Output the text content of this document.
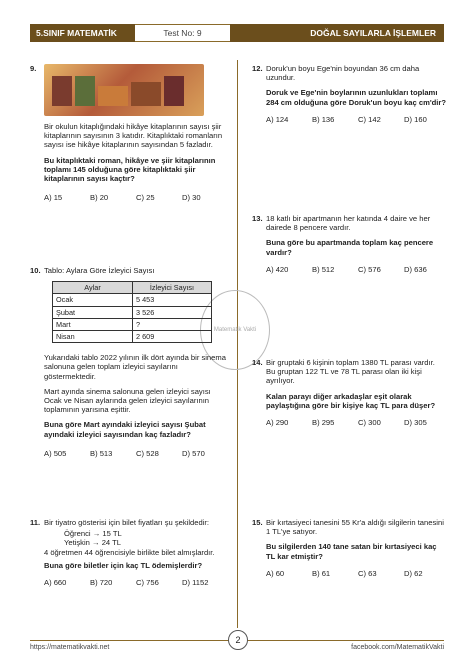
5.SINIF MATEMATİK	Test No: 9	DOĞAL SAYILARLA İŞLEMLER
Matematik Vakti
9.
Bir okulun kitaplığındaki hikâye kitaplarının sayısı şiir kitaplarının sayısının 3 katıdır. Kitaplıktaki romanların sayısı ise hikâye kitaplarının sayısından 5 fazladır.
Bu kitaplıktaki roman, hikâye ve şiir kitaplarının toplamı 145 olduğuna göre kitaplıktaki şiir kitaplarının sayısı kaçtır?
A) 15	B) 20	C) 25	D) 30
10. Tablo: Aylara Göre İzleyici Sayısı
Aylar	İzleyici Sayısı
Ocak	5 453
Şubat	3 526
Mart	?
Nisan	2 609
Yukarıdaki tablo 2022 yılının ilk dört ayında bir sinema salonuna gelen toplam izleyici sayılarını göstermektedir.
Mart ayında sinema salonuna gelen izleyici sayısı Ocak ve Nisan aylarında gelen izleyici sayılarının toplamının yarısına eşittir.
Buna göre Mart ayındaki izleyici sayısı Şubat ayındaki izleyici sayısından kaç fazladır?
A) 505	B) 513	C) 528	D) 570
11. Bir tiyatro gösterisi için bilet fiyatları şu şekildedir:
Öğrenci → 15 TL
Yetişkin → 24 TL
4 öğretmen 44 öğrencisiyle birlikte bilet almışlardır.
Buna göre biletler için kaç TL ödemişlerdir?
A) 660	B) 720	C) 756	D) 1152
12. Doruk'un boyu Ege'nin boyundan 36 cm daha uzundur.
Doruk ve Ege'nin boylarının uzunlukları toplamı 284 cm olduğuna göre Doruk'un boyu kaç cm'dir?
A) 124	B) 136	C) 142	D) 160
13. 18 katlı bir apartmanın her katında 4 daire ve her dairede 8 pencere vardır.
Buna göre bu apartmanda toplam kaç pencere vardır?
A) 420	B) 512	C) 576	D) 636
14. Bir gruptaki 6 kişinin toplam 1380 TL parası vardır. Bu gruptan 122 TL ve 78 TL parası olan iki kişi ayrılıyor.
Kalan parayı diğer arkadaşlar eşit olarak paylaştığına göre bir kişiye kaç TL para düşer?
A) 290	B) 295	C) 300	D) 305
15. Bir kırtasiyeci tanesini 55 Kr'a aldığı silgilerin tanesini 1 TL'ye satıyor.
Bu silgilerden 140 tane satan bir kırtasiyeci kaç TL kar etmiştir?
A) 60	B) 61	C) 63	D) 62
https://matematikvakti.net	facebook.com/MatematikVakti
2
